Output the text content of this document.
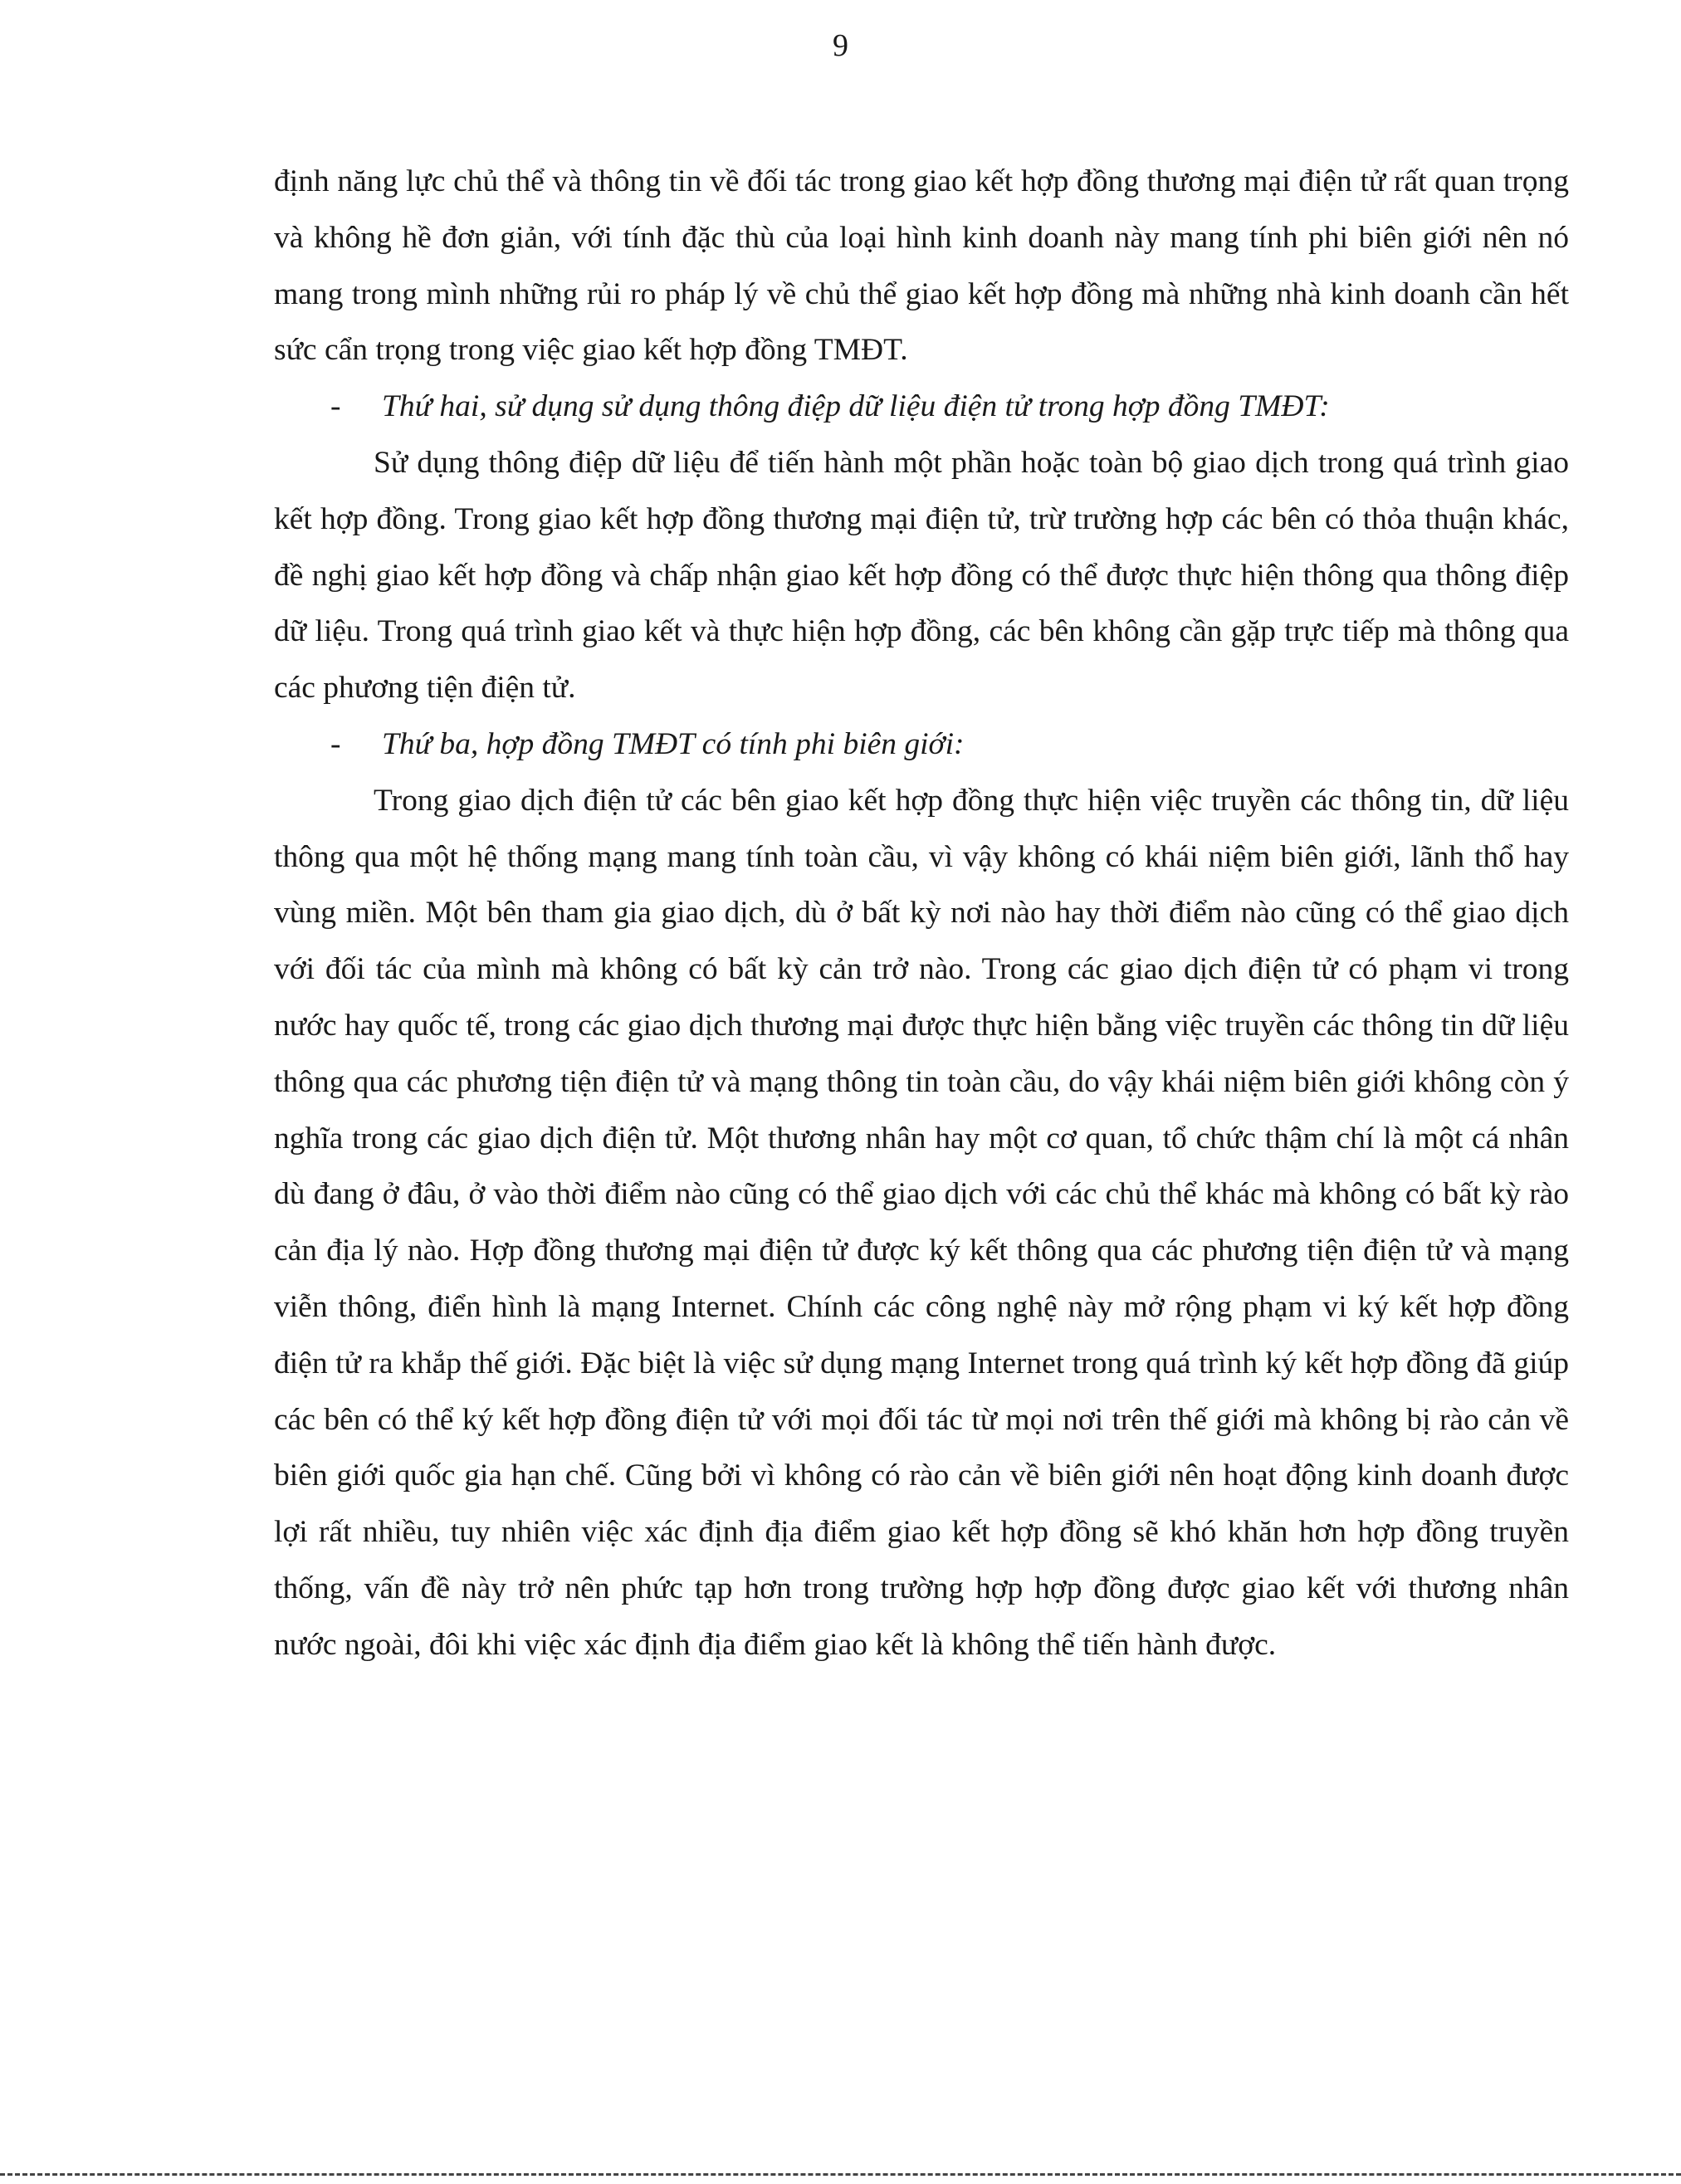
9

định năng lực chủ thể và thông tin về đối tác trong giao kết hợp đồng thương mại điện tử rất quan trọng và không hề đơn giản, với tính đặc thù của loại hình kinh doanh này mang tính phi biên giới nên nó mang trong mình những rủi ro pháp lý về chủ thể giao kết hợp đồng mà những nhà kinh doanh cần hết sức cẩn trọng trong việc giao kết hợp đồng TMĐT.

-	Thứ hai, sử dụng sử dụng thông điệp dữ liệu điện tử trong hợp đồng TMĐT:

Sử dụng thông điệp dữ liệu để tiến hành một phần hoặc toàn bộ giao dịch trong quá trình giao kết hợp đồng. Trong giao kết hợp đồng thương mại điện tử, trừ trường hợp các bên có thỏa thuận khác, đề nghị giao kết hợp đồng và chấp nhận giao kết hợp đồng có thể được thực hiện thông qua thông điệp dữ liệu. Trong quá trình giao kết và thực hiện hợp đồng, các bên không cần gặp trực tiếp mà thông qua các phương tiện điện tử.

-	Thứ ba, hợp đồng TMĐT có tính phi biên giới:

Trong giao dịch điện tử các bên giao kết hợp đồng thực hiện việc truyền các thông tin, dữ liệu thông qua một hệ thống mạng mang tính toàn cầu, vì vậy không có khái niệm biên giới, lãnh thổ hay vùng miền. Một bên tham gia giao dịch, dù ở bất kỳ nơi nào hay thời điểm nào cũng có thể giao dịch với đối tác của mình mà không có bất kỳ cản trở nào. Trong các giao dịch điện tử có phạm vi trong nước hay quốc tế, trong các giao dịch thương mại được thực hiện bằng việc truyền các thông tin dữ liệu thông qua các phương tiện điện tử và mạng thông tin toàn cầu, do vậy khái niệm biên giới không còn ý nghĩa trong các giao dịch điện tử. Một thương nhân hay một cơ quan, tổ chức thậm chí là một cá nhân dù đang ở đâu, ở vào thời điểm nào cũng có thể giao dịch với các chủ thể khác mà không có bất kỳ rào cản địa lý nào. Hợp đồng thương mại điện tử được ký kết thông qua các phương tiện điện tử và mạng viễn thông, điển hình là mạng Internet. Chính các công nghệ này mở rộng phạm vi ký kết hợp đồng điện tử ra khắp thế giới. Đặc biệt là việc sử dụng mạng Internet trong quá trình ký kết hợp đồng đã giúp các bên có thể ký kết hợp đồng điện tử với mọi đối tác từ mọi nơi trên thế giới mà không bị rào cản về biên giới quốc gia hạn chế. Cũng bởi vì không có rào cản về biên giới nên hoạt động kinh doanh được lợi rất nhiều, tuy nhiên việc xác định địa điểm giao kết hợp đồng sẽ khó khăn hơn hợp đồng truyền thống, vấn đề này trở nên phức tạp hơn trong trường hợp hợp đồng được giao kết với thương nhân nước ngoài, đôi khi việc xác định địa điểm giao kết là không thể tiến hành được.
